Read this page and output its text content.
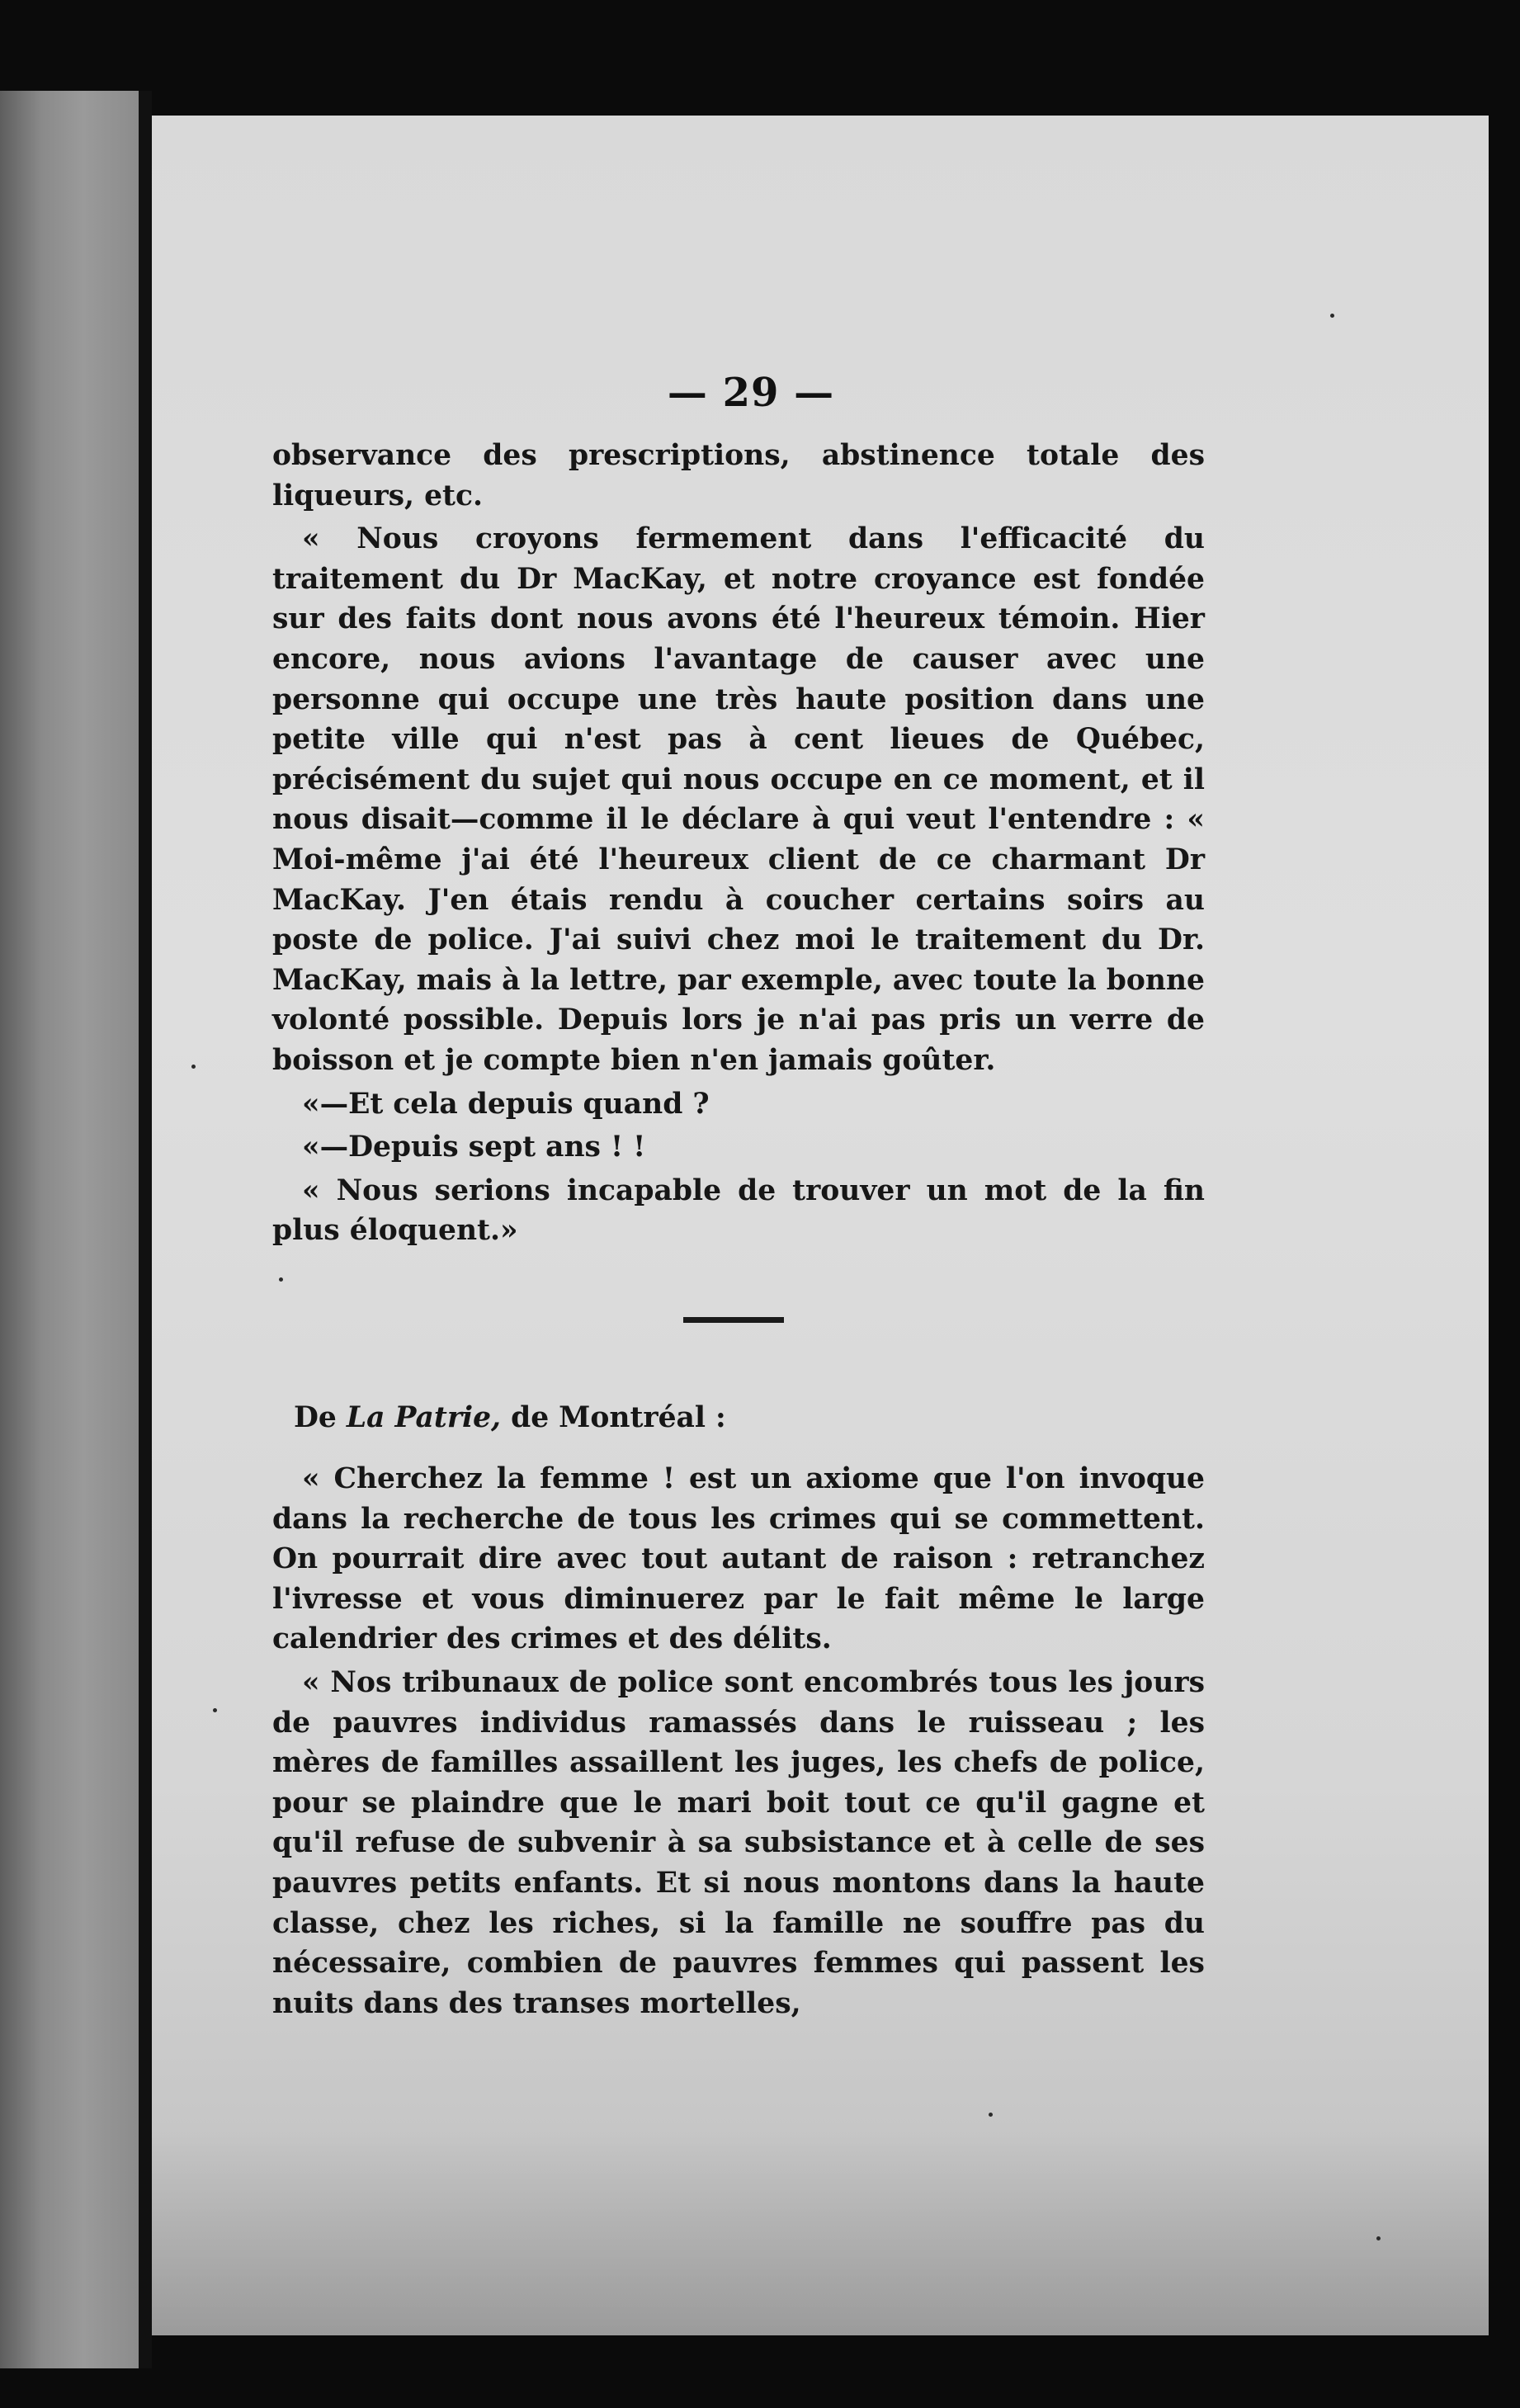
— 29 —

observance des prescriptions, abstinence totale des liqueurs, etc.

« Nous croyons fermement dans l'efficacité du traitement du Dr MacKay, et notre croyance est fondée sur des faits dont nous avons été l'heureux témoin. Hier encore, nous avions l'avantage de causer avec une personne qui occupe une très haute position dans une petite ville qui n'est pas à cent lieues de Québec, précisément du sujet qui nous occupe en ce moment, et il nous disait—comme il le déclare à qui veut l'entendre : « Moi-même j'ai été l'heureux client de ce charmant Dr MacKay. J'en étais rendu à coucher certains soirs au poste de police. J'ai suivi chez moi le traitement du Dr. MacKay, mais à la lettre, par exemple, avec toute la bonne volonté possible. Depuis lors je n'ai pas pris un verre de boisson et je compte bien n'en jamais goûter.

«—Et cela depuis quand ?

«—Depuis sept ans ! !

« Nous serions incapable de trouver un mot de la fin plus éloquent.»

De La Patrie, de Montréal :

« Cherchez la femme ! est un axiome que l'on invoque dans la recherche de tous les crimes qui se commettent. On pourrait dire avec tout autant de raison : retranchez l'ivresse et vous diminuerez par le fait même le large calendrier des crimes et des délits.

« Nos tribunaux de police sont encombrés tous les jours de pauvres individus ramassés dans le ruisseau ; les mères de familles assaillent les juges, les chefs de police, pour se plaindre que le mari boit tout ce qu'il gagne et qu'il refuse de subvenir à sa subsistance et à celle de ses pauvres petits enfants. Et si nous montons dans la haute classe, chez les riches, si la famille ne souffre pas du nécessaire, combien de pauvres femmes qui passent les nuits dans des transes mortelles,
